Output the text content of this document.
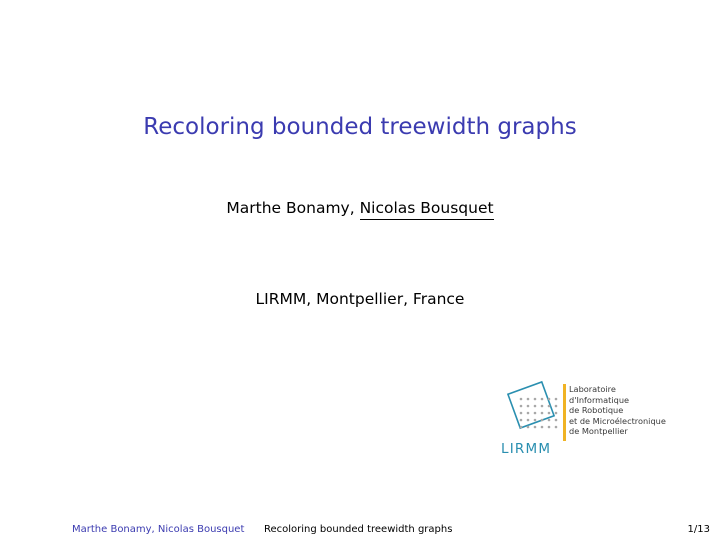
Recoloring bounded treewidth graphs
Marthe Bonamy, Nicolas Bousquet
LIRMM, Montpellier, France
Laboratoire
d'Informatique
de Robotique
et de Microélectronique
de Montpellier
LIRMM
Marthe Bonamy, Nicolas Bousquet Recoloring bounded treewidth graphs	1/13
